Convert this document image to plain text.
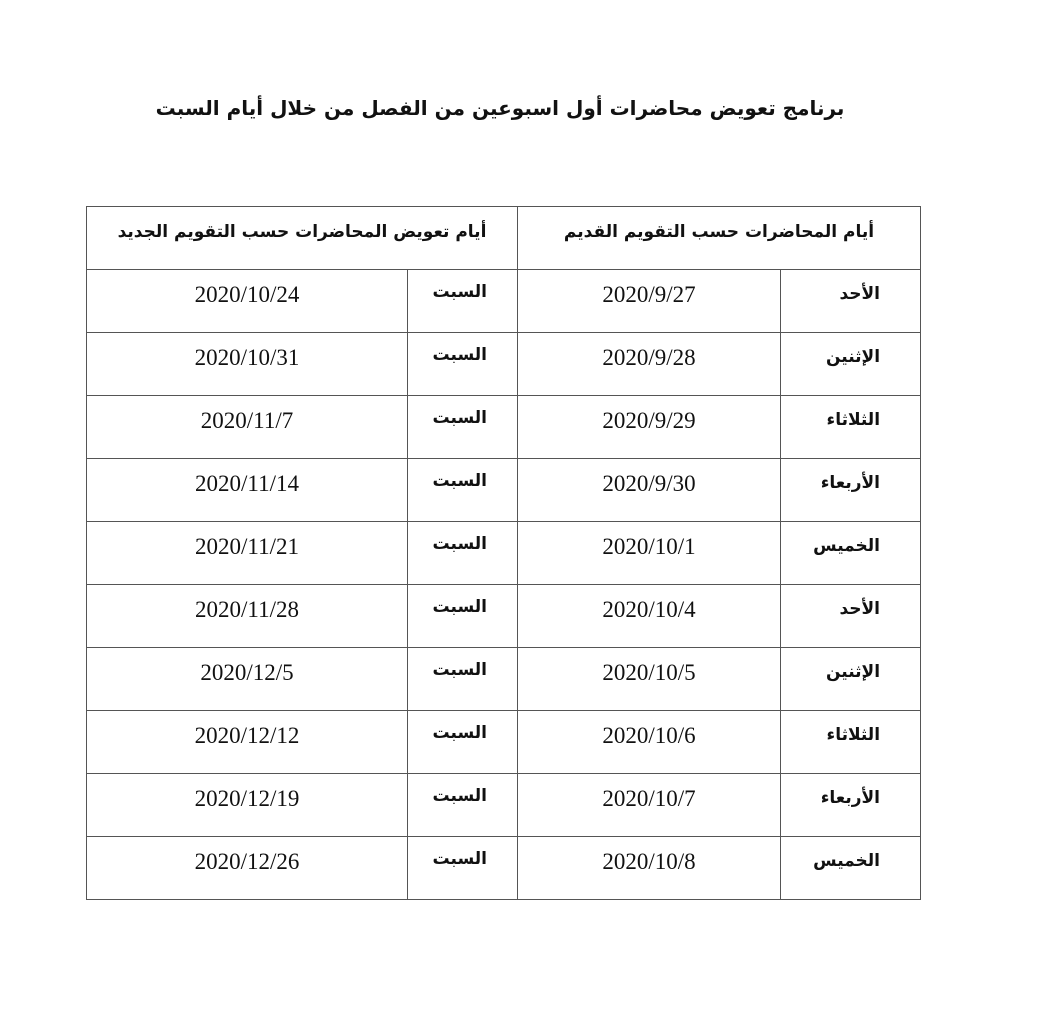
برنامج تعويض محاضرات أول اسبوعين من الفصل من خلال أيام السبت
أيام المحاضرات حسب التقويم القديم		أيام تعويض المحاضرات حسب التقويم الجديد	
الأحد	2020/9/27	السبت	2020/10/24
الإثنين	2020/9/28	السبت	2020/10/31
الثلاثاء	2020/9/29	السبت	2020/11/7
الأربعاء	2020/9/30	السبت	2020/11/14
الخميس	2020/10/1	السبت	2020/11/21
الأحد	2020/10/4	السبت	2020/11/28
الإثنين	2020/10/5	السبت	2020/12/5
الثلاثاء	2020/10/6	السبت	2020/12/12
الأربعاء	2020/10/7	السبت	2020/12/19
الخميس	2020/10/8	السبت	2020/12/26
